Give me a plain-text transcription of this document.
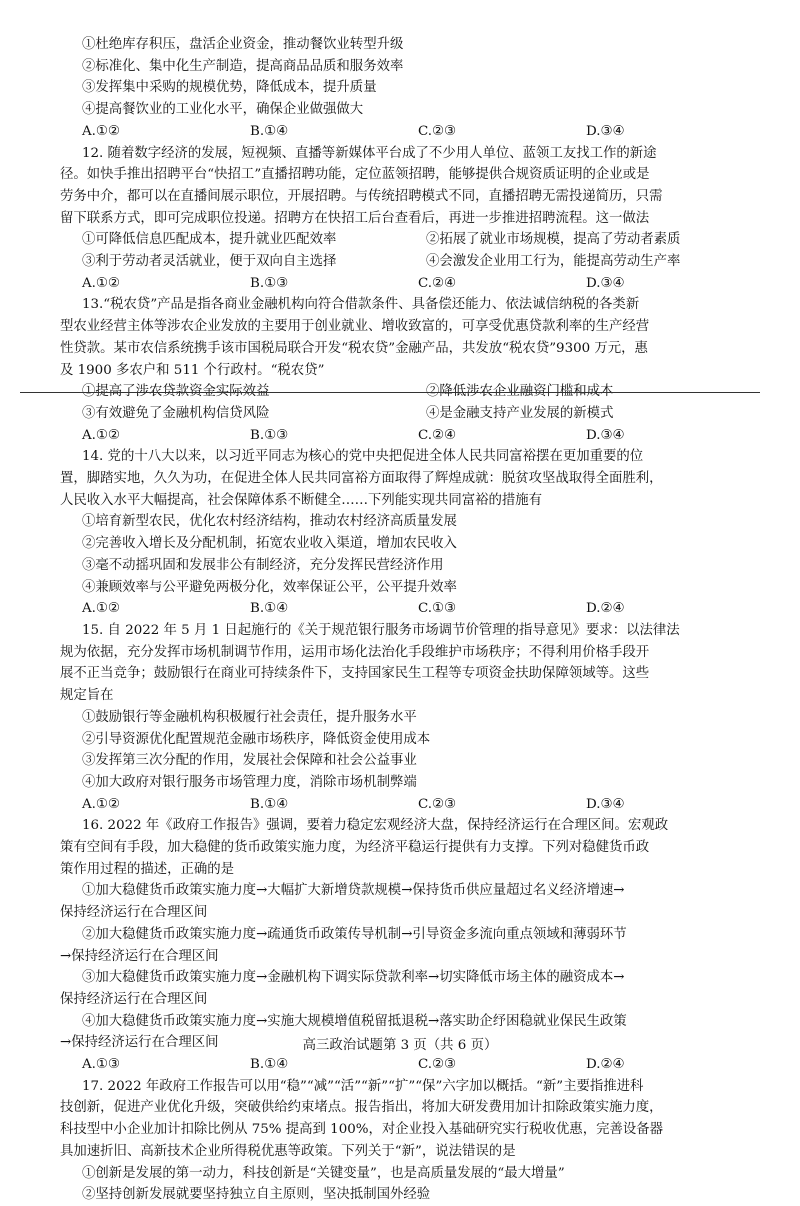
①杜绝库存积压，盘活企业资金，推动餐饮业转型升级
②标准化、集中化生产制造，提高商品品质和服务效率
③发挥集中采购的规模优势，降低成本，提升质量
④提高餐饮业的工业化水平，确保企业做强做大
A.①②	B.①④	C.②③	D.③④
12. 随着数字经济的发展，短视频、直播等新媒体平台成了不少用人单位、蓝领工友找工作的新途
径。如快手推出招聘平台“快招工”直播招聘功能，定位蓝领招聘，能够提供合规资质证明的企业或是
劳务中介，都可以在直播间展示职位，开展招聘。与传统招聘模式不同，直播招聘无需投递简历，只需
留下联系方式，即可完成职位投递。招聘方在快招工后台查看后，再进一步推进招聘流程。这一做法
①可降低信息匹配成本，提升就业匹配效率	②拓展了就业市场规模，提高了劳动者素质
③利于劳动者灵活就业，便于双向自主选择	④会激发企业用工行为，能提高劳动生产率
A.①②	B.①③	C.②④	D.③④
13.“税农贷”产品是指各商业金融机构向符合借款条件、具备偿还能力、依法诚信纳税的各类新
型农业经营主体等涉农企业发放的主要用于创业就业、增收致富的，可享受优惠贷款利率的生产经营
性贷款。某市农信系统携手该市国税局联合开发“税农贷”金融产品，共发放“税农贷”9300 万元，惠
及 1900 多农户和 511 个行政村。“税农贷”
①提高了涉农贷款资金实际效益	②降低涉农企业融资门槛和成本
③有效避免了金融机构信贷风险	④是金融支持产业发展的新模式
A.①②	B.①③	C.②④	D.③④
14. 党的十八大以来，以习近平同志为核心的党中央把促进全体人民共同富裕摆在更加重要的位
置，脚踏实地，久久为功，在促进全体人民共同富裕方面取得了辉煌成就：脱贫攻坚战取得全面胜利，
人民收入水平大幅提高，社会保障体系不断健全……下列能实现共同富裕的措施有
①培育新型农民，优化农村经济结构，推动农村经济高质量发展
②完善收入增长及分配机制，拓宽农业收入渠道，增加农民收入
③毫不动摇巩固和发展非公有制经济，充分发挥民营经济作用
④兼顾效率与公平避免两极分化，效率保证公平，公平提升效率
A.①②	B.①④	C.①③	D.②④
15. 自 2022 年 5 月 1 日起施行的《关于规范银行服务市场调节价管理的指导意见》要求：以法律法
规为依据，充分发挥市场机制调节作用，运用市场化法治化手段维护市场秩序；不得利用价格手段开
展不正当竞争；鼓励银行在商业可持续条件下，支持国家民生工程等专项资金扶助保障领域等。这些
规定旨在
①鼓励银行等金融机构积极履行社会责任，提升服务水平
②引导资源优化配置规范金融市场秩序，降低资金使用成本
③发挥第三次分配的作用，发展社会保障和社会公益事业
④加大政府对银行服务市场管理力度，消除市场机制弊端
A.①②	B.①④	C.②③	D.③④
16. 2022 年《政府工作报告》强调，要着力稳定宏观经济大盘，保持经济运行在合理区间。宏观政
策有空间有手段，加大稳健的货币政策实施力度，为经济平稳运行提供有力支撑。下列对稳健货币政
策作用过程的描述，正确的是
①加大稳健货币政策实施力度→大幅扩大新增贷款规模→保持货币供应量超过名义经济增速→
保持经济运行在合理区间
②加大稳健货币政策实施力度→疏通货币政策传导机制→引导资金多流向重点领域和薄弱环节
→保持经济运行在合理区间
③加大稳健货币政策实施力度→金融机构下调实际贷款利率→切实降低市场主体的融资成本→
保持经济运行在合理区间
④加大稳健货币政策实施力度→实施大规模增值税留抵退税→落实助企纾困稳就业保民生政策
→保持经济运行在合理区间
A.①③	B.①④	C.②③	D.②④
17. 2022 年政府工作报告可以用“稳”“减”“活”“新”“扩”“保”六字加以概括。“新”主要指推进科
技创新，促进产业优化升级，突破供给约束堵点。报告指出，将加大研发费用加计扣除政策实施力度，
科技型中小企业加计扣除比例从 75% 提高到 100%，对企业投入基础研究实行税收优惠，完善设备器
具加速折旧、高新技术企业所得税优惠等政策。下列关于“新”，说法错误的是
①创新是发展的第一动力，科技创新是“关键变量”，也是高质量发展的“最大增量”
②坚持创新发展就要坚持独立自主原则，坚决抵制国外经验
高三政治试题第 3 页（共 6 页）
